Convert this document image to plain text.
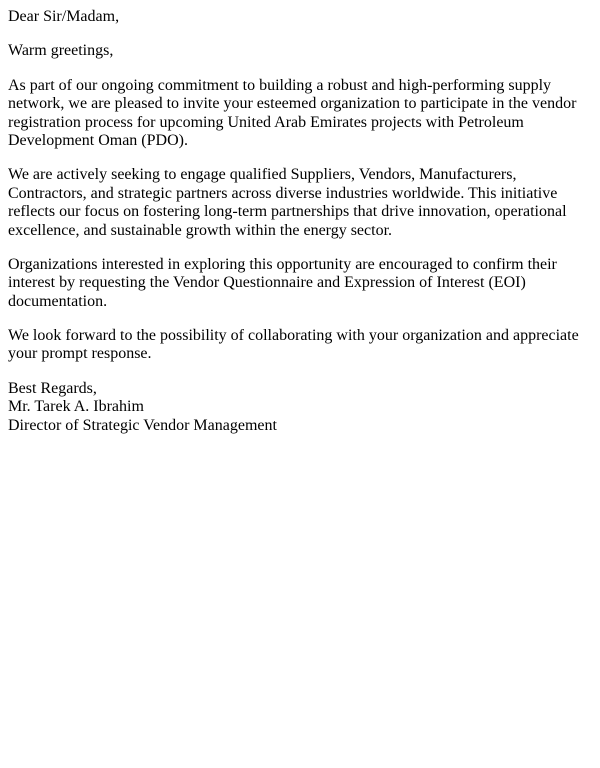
Dear Sir/Madam,

Warm greetings,

As part of our ongoing commitment to building a robust and high-performing supply network, we are pleased to invite your esteemed organization to participate in the vendor registration process for upcoming United Arab Emirates projects with Petroleum Development Oman (PDO).

We are actively seeking to engage qualified Suppliers, Vendors, Manufacturers, Contractors, and strategic partners across diverse industries worldwide. This initiative reflects our focus on fostering long-term partnerships that drive innovation, operational excellence, and sustainable growth within the energy sector.

Organizations interested in exploring this opportunity are encouraged to confirm their interest by requesting the Vendor Questionnaire and Expression of Interest (EOI) documentation.

We look forward to the possibility of collaborating with your organization and appreciate your prompt response.

Best Regards,
Mr. Tarek A. Ibrahim
Director of Strategic Vendor Management
